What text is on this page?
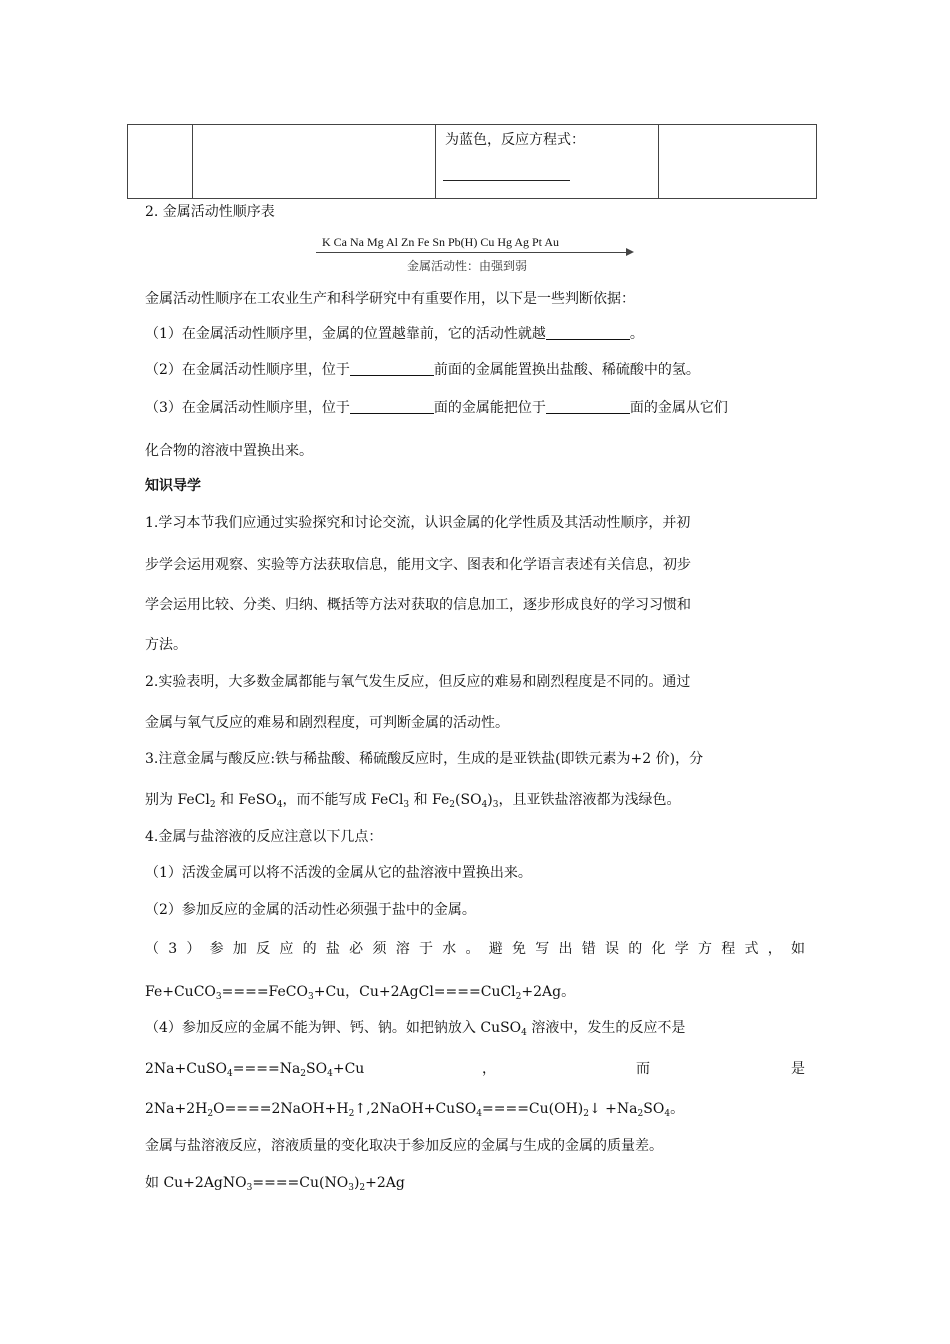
为蓝色，反应方程式：

2. 金属活动性顺序表
K Ca Na Mg Al Zn Fe Sn Pb(H) Cu Hg Ag Pt Au
金属活动性：由强到弱
金属活动性顺序在工农业生产和科学研究中有重要作用，以下是一些判断依据：
（1）在金属活动性顺序里，金属的位置越靠前，它的活动性就越	。
（2）在金属活动性顺序里，位于	前面的金属能置换出盐酸、稀硫酸中的氢。
（3）在金属活动性顺序里，位于	面的金属能把位于	面的金属从它们
化合物的溶液中置换出来。
知识导学
1.学习本节我们应通过实验探究和讨论交流，认识金属的化学性质及其活动性顺序，并初
步学会运用观察、实验等方法获取信息，能用文字、图表和化学语言表述有关信息，初步
学会运用比较、分类、归纳、概括等方法对获取的信息加工，逐步形成良好的学习习惯和
方法。
2.实验表明，大多数金属都能与氧气发生反应，但反应的难易和剧烈程度是不同的。通过
金属与氧气反应的难易和剧烈程度，可判断金属的活动性。
3.注意金属与酸反应:铁与稀盐酸、稀硫酸反应时，生成的是亚铁盐(即铁元素为+2 价)，分
别为 FeCl$_2$ 和 FeSO$_4$，而不能写成 FeCl$_3$ 和 $Fe_2(SO_4)_3$，且亚铁盐溶液都为浅绿色。
4.金属与盐溶液的反应注意以下几点：
（1）活泼金属可以将不活泼的金属从它的盐溶液中置换出来。
（2）参加反应的金属的活动性必须强于盐中的金属。
（3）参加反应的盐必须溶于水。避免写出错误的化学方程式，如
Fe+CuCO$_3$====FeCO$_3$+Cu，Cu+2AgCl====CuCl$_2$+2Ag。
（4）参加反应的金属不能为钾、钙、钠。如把钠放入 CuSO$_4$ 溶液中，发生的反应不是
$2Na+CuSO_4====Na_2SO_4+Cu$	，	而	是
$2Na+2H_2O====2NaOH+H_2↑,2NaOH+CuSO_4====Cu(OH)_2↓ +Na_2SO_4$。
金属与盐溶液反应，溶液质量的变化取决于参加反应的金属与生成的金属的质量差。
如 $Cu+2AgNO_3====Cu(NO_3)_2+2Ag$
